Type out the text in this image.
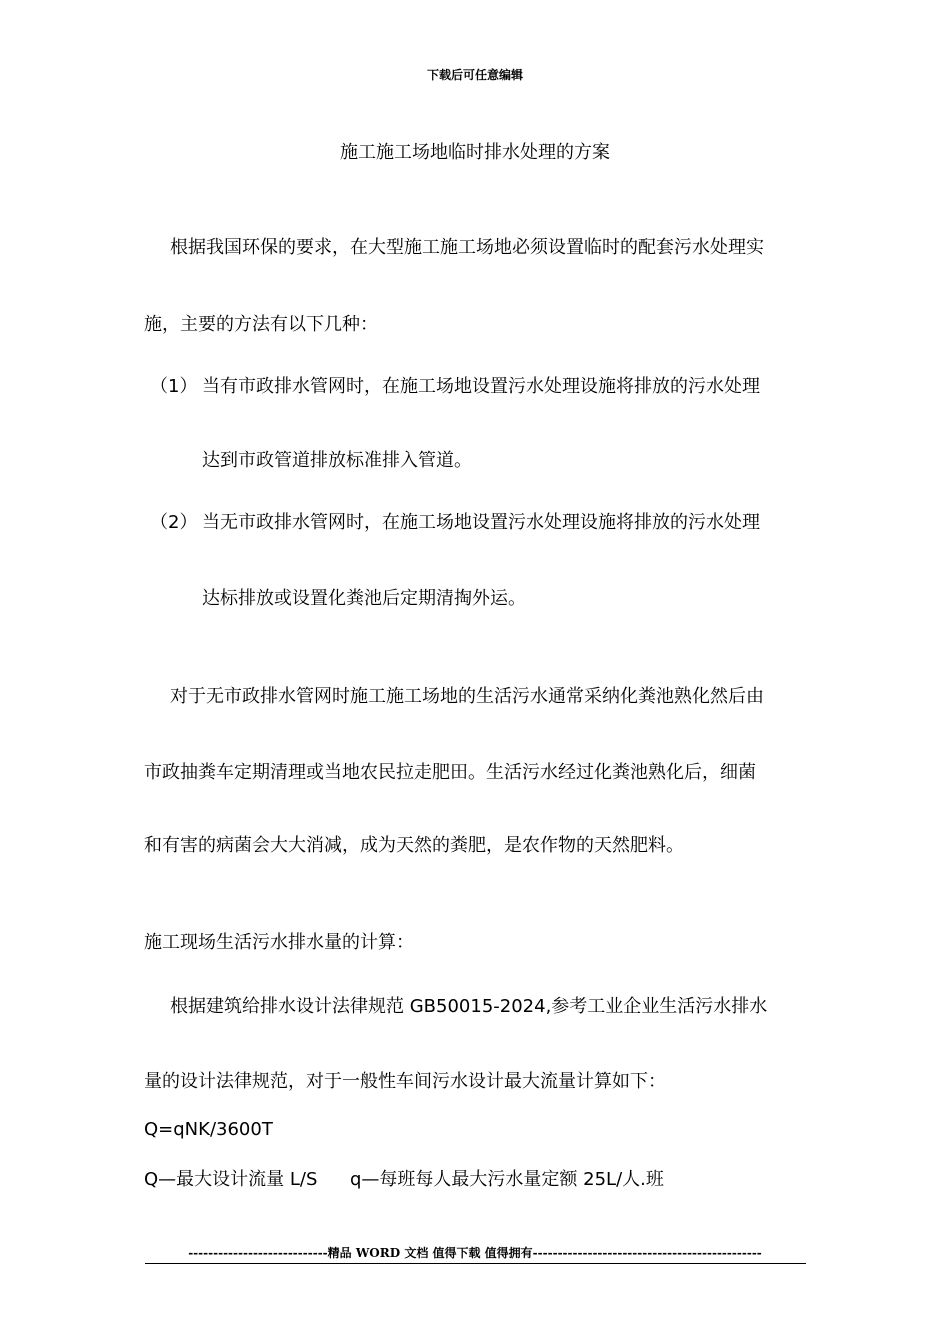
下载后可任意编辑
施工施工场地临时排水处理的方案
根据我国环保的要求，在大型施工施工场地必须设置临时的配套污水处理实
施，主要的方法有以下几种：
（1） 当有市政排水管网时，在施工场地设置污水处理设施将排放的污水处理
达到市政管道排放标准排入管道。
（2） 当无市政排水管网时，在施工场地设置污水处理设施将排放的污水处理
达标排放或设置化粪池后定期清掏外运。
对于无市政排水管网时施工施工场地的生活污水通常采纳化粪池熟化然后由
市政抽粪车定期清理或当地农民拉走肥田。生活污水经过化粪池熟化后，细菌
和有害的病菌会大大消减，成为天然的粪肥，是农作物的天然肥料。
施工现场生活污水排水量的计算：
根据建筑给排水设计法律规范 GB50015-2024,参考工业企业生活污水排水
量的设计法律规范，对于一般性车间污水设计最大流量计算如下：
Q=qNK/3600T
Q—最大设计流量 L/S q—每班每人最大污水量定额 25L/人.班
----------------------------精品 WORD 文档 值得下载 值得拥有----------------------------------------------
